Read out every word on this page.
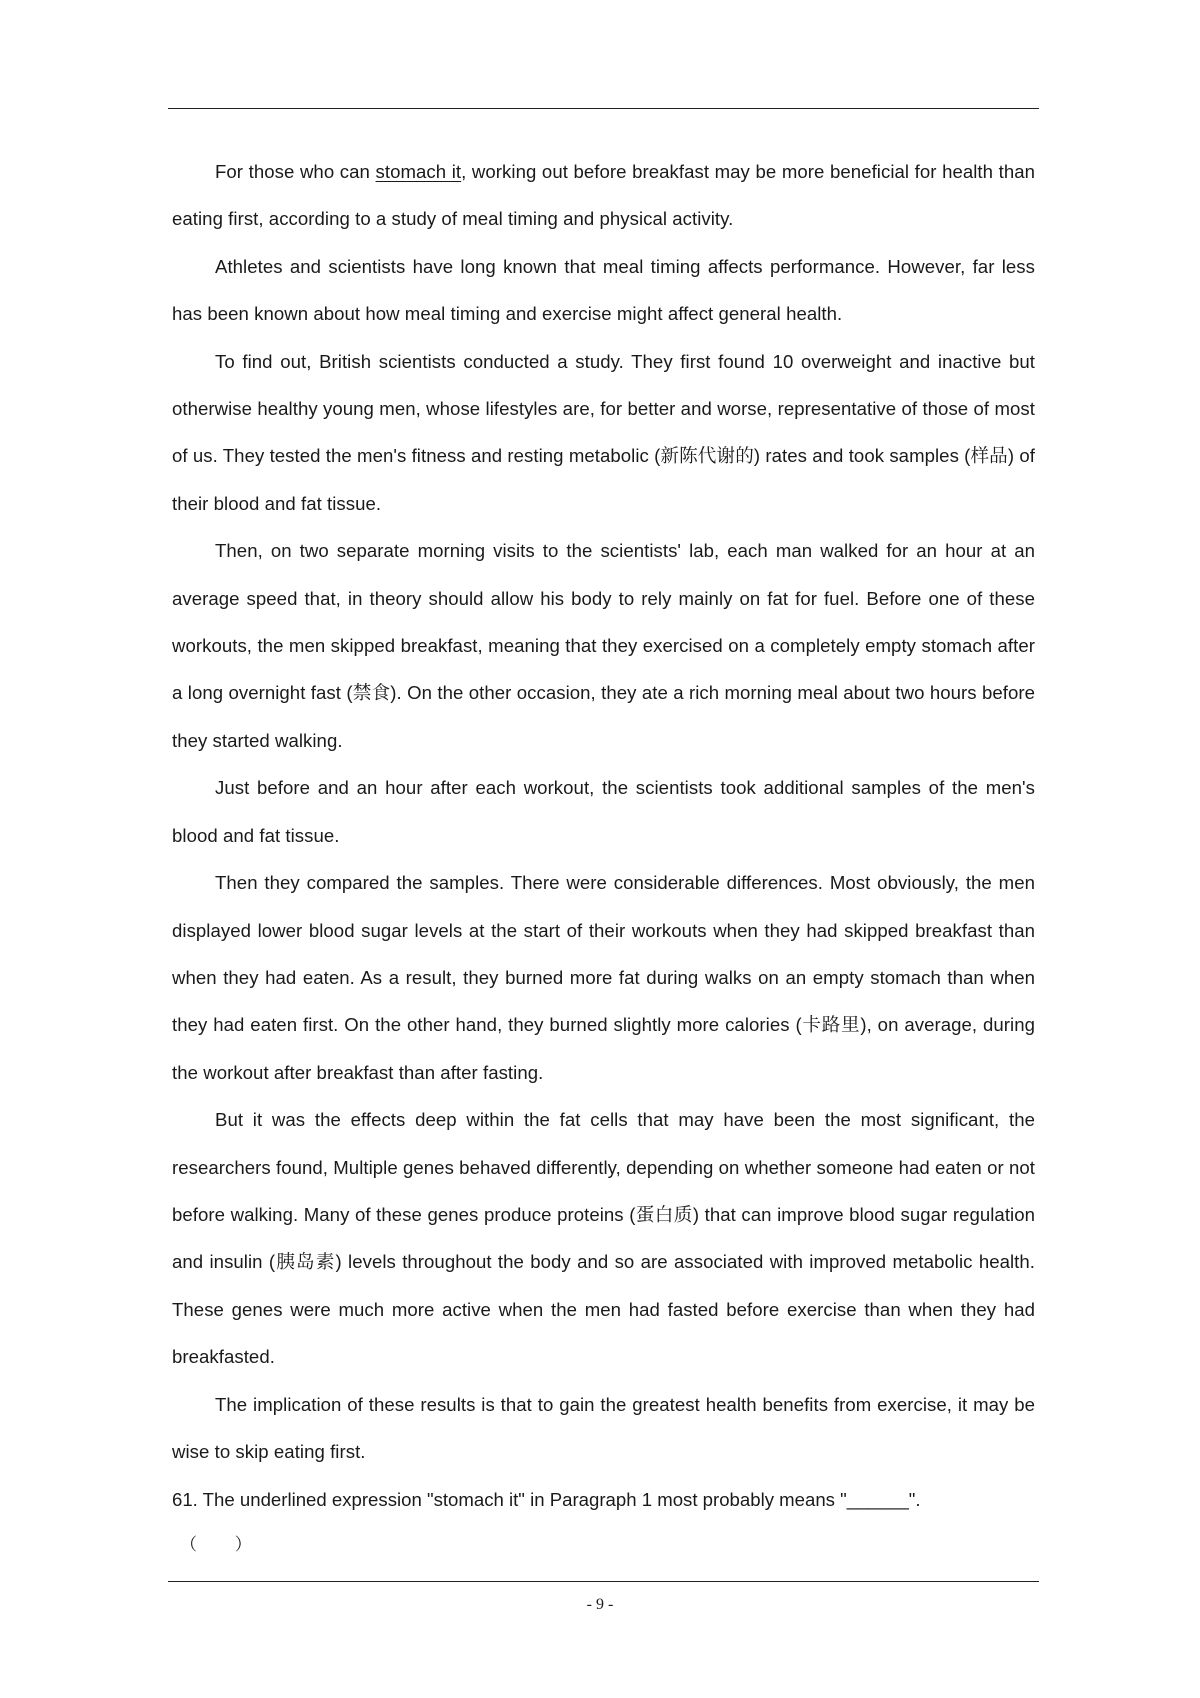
For those who can stomach it, working out before breakfast may be more beneficial for health than eating first, according to a study of meal timing and physical activity.

Athletes and scientists have long known that meal timing affects performance. However, far less has been known about how meal timing and exercise might affect general health.

To find out, British scientists conducted a study. They first found 10 overweight and inactive but otherwise healthy young men, whose lifestyles are, for better and worse, representative of those of most of us. They tested the men's fitness and resting metabolic (新陈代谢的) rates and took samples (样品) of their blood and fat tissue.

Then, on two separate morning visits to the scientists' lab, each man walked for an hour at an average speed that, in theory should allow his body to rely mainly on fat for fuel. Before one of these workouts, the men skipped breakfast, meaning that they exercised on a completely empty stomach after a long overnight fast (禁食). On the other occasion, they ate a rich morning meal about two hours before they started walking.

Just before and an hour after each workout, the scientists took additional samples of the men's blood and fat tissue.

Then they compared the samples. There were considerable differences. Most obviously, the men displayed lower blood sugar levels at the start of their workouts when they had skipped breakfast than when they had eaten. As a result, they burned more fat during walks on an empty stomach than when they had eaten first. On the other hand, they burned slightly more calories (卡路里), on average, during the workout after breakfast than after fasting.

But it was the effects deep within the fat cells that may have been the most significant, the researchers found, Multiple genes behaved differently, depending on whether someone had eaten or not before walking. Many of these genes produce proteins (蛋白质) that can improve blood sugar regulation and insulin (胰岛素) levels throughout the body and so are associated with improved metabolic health. These genes were much more active when the men had fasted before exercise than when they had breakfasted.

The implication of these results is that to gain the greatest health benefits from exercise, it may be wise to skip eating first.

61. The underlined expression "stomach it" in Paragraph 1 most probably means "______".
（        ）
- 9 -
